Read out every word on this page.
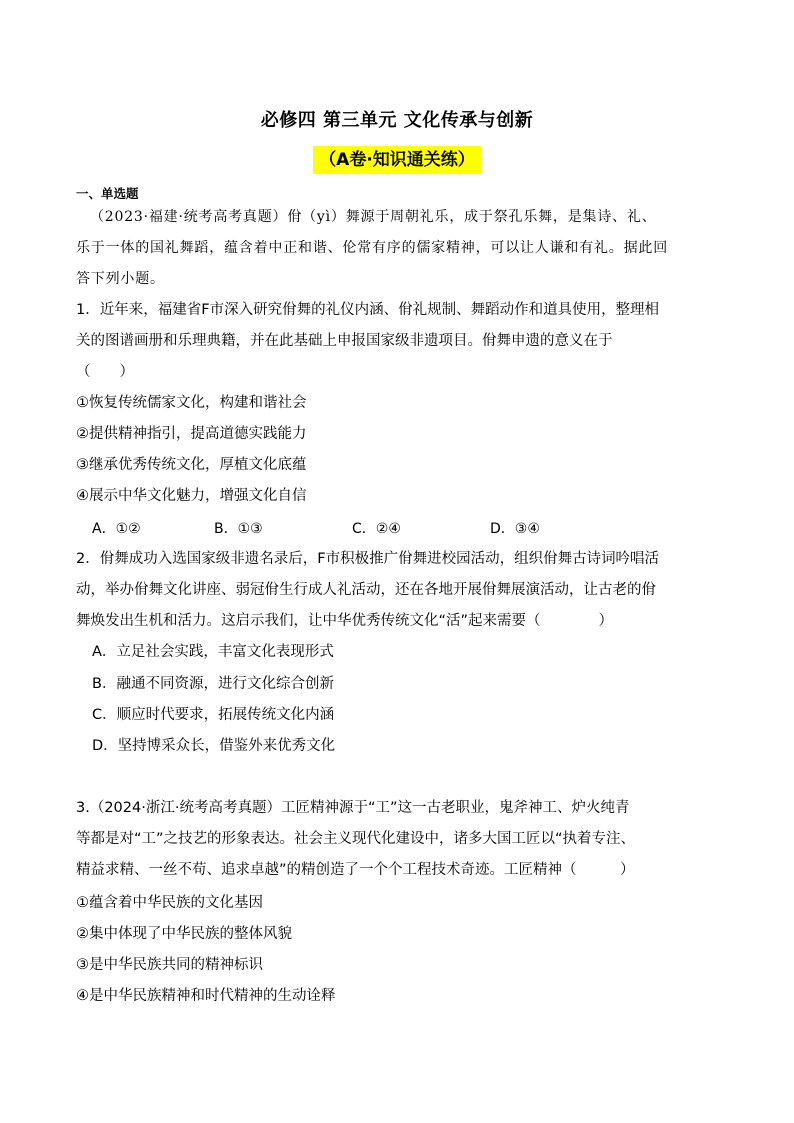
必修四 第三单元 文化传承与创新
（A卷·知识通关练）
一、单选题
（2023·福建·统考高考真题）佾（yì）舞源于周朝礼乐，成于祭孔乐舞，是集诗、礼、
乐于一体的国礼舞蹈，蕴含着中正和谐、伦常有序的儒家精神，可以让人谦和有礼。据此回
答下列小题。
1．近年来，福建省F市深入研究佾舞的礼仪内涵、佾礼规制、舞蹈动作和道具使用，整理相
关的图谱画册和乐理典籍，并在此基础上申报国家级非遗项目。佾舞申遗的意义在于
（　　）
①恢复传统儒家文化，构建和谐社会
②提供精神指引，提高道德实践能力
③继承优秀传统文化，厚植文化底蕴
④展示中华文化魅力，增强文化自信
A．①②	B．①③	C．②④	D．③④
2．佾舞成功入选国家级非遗名录后，F市积极推广佾舞进校园活动，组织佾舞古诗词吟唱活
动，举办佾舞文化讲座、弱冠佾生行成人礼活动，还在各地开展佾舞展演活动，让古老的佾
舞焕发出生机和活力。这启示我们，让中华优秀传统文化“活”起来需要（　　　　）
A．立足社会实践，丰富文化表现形式
B．融通不同资源，进行文化综合创新
C．顺应时代要求，拓展传统文化内涵
D．坚持博采众长，借鉴外来优秀文化
3.（2024·浙江·统考高考真题）工匠精神源于“工”这一古老职业，鬼斧神工、炉火纯青
等都是对“工”之技艺的形象表达。社会主义现代化建设中，诸多大国工匠以“执着专注、
精益求精、一丝不苟、追求卓越”的精创造了一个个工程技术奇迹。工匠精神（　　　）
①蕴含着中华民族的文化基因
②集中体现了中华民族的整体风貌
③是中华民族共同的精神标识
④是中华民族精神和时代精神的生动诠释
